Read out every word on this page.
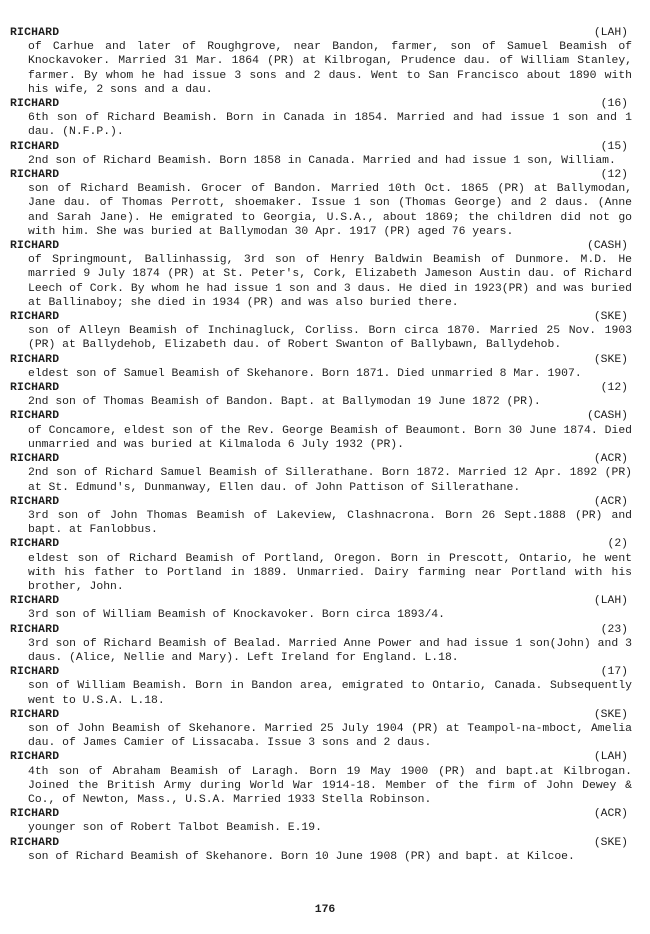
RICHARD	(LAH)
of Carhue and later of Roughgrove, near Bandon, farmer, son of Samuel Beamish of Knockavoker. Married 31 Mar. 1864 (PR) at Kilbrogan, Prudence dau. of William Stanley, farmer. By whom he had issue 3 sons and 2 daus. Went to San Francisco about 1890 with his wife, 2 sons and a dau.
RICHARD	(16)
6th son of Richard Beamish. Born in Canada in 1854. Married and had issue 1 son and 1 dau. (N.F.P.).
RICHARD	(15)
2nd son of Richard Beamish. Born 1858 in Canada. Married and had issue 1 son, William.
RICHARD	(12)
son of Richard Beamish. Grocer of Bandon. Married 10th Oct. 1865 (PR) at Ballymodan, Jane dau. of Thomas Perrott, shoemaker. Issue 1 son (Thomas George) and 2 daus. (Anne and Sarah Jane). He emigrated to Georgia, U.S.A., about 1869; the children did not go with him. She was buried at Ballymodan 30 Apr. 1917 (PR) aged 76 years.
RICHARD	(CASH)
of Springmount, Ballinhassig, 3rd son of Henry Baldwin Beamish of Dunmore. M.D. He married 9 July 1874 (PR) at St. Peter's, Cork, Elizabeth Jameson Austin dau. of Richard Leech of Cork. By whom he had issue 1 son and 3 daus. He died in 1923(PR) and was buried at Ballinaboy; she died in 1934 (PR) and was also buried there.
RICHARD	(SKE)
son of Alleyn Beamish of Inchinagluck, Corliss. Born circa 1870. Married 25 Nov. 1903 (PR) at Ballydehob, Elizabeth dau. of Robert Swanton of Ballybawn, Ballydehob.
RICHARD	(SKE)
eldest son of Samuel Beamish of Skehanore. Born 1871. Died unmarried 8 Mar. 1907.
RICHARD	(12)
2nd son of Thomas Beamish of Bandon. Bapt. at Ballymodan 19 June 1872 (PR).
RICHARD	(CASH)
of Concamore, eldest son of the Rev. George Beamish of Beaumont. Born 30 June 1874. Died unmarried and was buried at Kilmaloda 6 July 1932 (PR).
RICHARD	(ACR)
2nd son of Richard Samuel Beamish of Sillerathane. Born 1872. Married 12 Apr. 1892 (PR) at St. Edmund's, Dunmanway, Ellen dau. of John Pattison of Sillerathane.
RICHARD	(ACR)
3rd son of John Thomas Beamish of Lakeview, Clashnacrona. Born 26 Sept.1888 (PR) and bapt. at Fanlobbus.
RICHARD	(2)
eldest son of Richard Beamish of Portland, Oregon. Born in Prescott, Ontario, he went with his father to Portland in 1889. Unmarried. Dairy farming near Portland with his brother, John.
RICHARD	(LAH)
3rd son of William Beamish of Knockavoker. Born circa 1893/4.
RICHARD	(23)
3rd son of Richard Beamish of Bealad. Married Anne Power and had issue 1 son(John) and 3 daus. (Alice, Nellie and Mary). Left Ireland for England. L.18.
RICHARD	(17)
son of William Beamish. Born in Bandon area, emigrated to Ontario, Canada. Subsequently went to U.S.A. L.18.
RICHARD	(SKE)
son of John Beamish of Skehanore. Married 25 July 1904 (PR) at Teampol-na-mboct, Amelia dau. of James Camier of Lissacaba. Issue 3 sons and 2 daus.
RICHARD	(LAH)
4th son of Abraham Beamish of Laragh. Born 19 May 1900 (PR) and bapt.at Kilbrogan. Joined the British Army during World War 1914-18. Member of the firm of John Dewey & Co., of Newton, Mass., U.S.A. Married 1933 Stella Robinson.
RICHARD	(ACR)
younger son of Robert Talbot Beamish. E.19.
RICHARD	(SKE)
son of Richard Beamish of Skehanore. Born 10 June 1908 (PR) and bapt. at Kilcoe.
176
